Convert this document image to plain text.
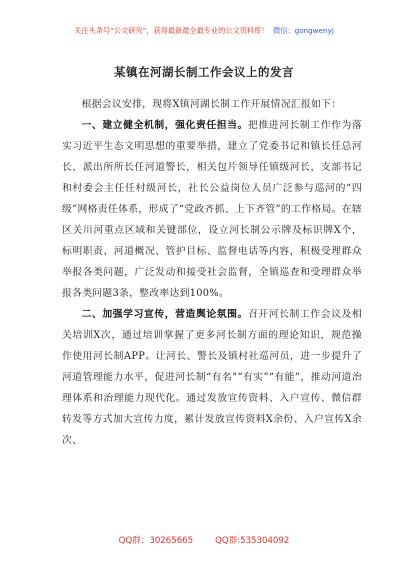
关注头条号“公文研究”，获得最新最全最专业的公文资料库！ 微信：gongwenyj
某镇在河湖长制工作会议上的发言

根据会议安排，现将X镇河湖长制工作开展情况汇报如下：

一、建立健全机制，强化责任担当。把推进河长制工作作为落实习近平生态文明思想的重要举措，建立了党委书记和镇长任总河长，派出所所长任河道警长，相关包片领导任镇级河长，支部书记和村委会主任任村级河长，社长公益岗位人员广泛参与巡河的“四级”网格责任体系，形成了“党政齐抓、上下齐管”的工作格局。在辖区关川河重点区域和关键部位，设立河长制公示牌及标识牌X个，标明职责、河道概况、管护目标、监督电话等内容，积极受理群众举报各类问题，广泛发动和接受社会监督，全镇巡查和受理群众举报各类问题3条，整改率达到100%。

二、加强学习宣传，营造舆论氛围。召开河长制工作会议及相关培训X次，通过培训掌握了更多河长制方面的理论知识，规范操作使用河长制APP。让河长、警长及镇村社巡河员，进一步提升了河道管理能力水平，促进河长制“有名”“有实”“有能”，推动河道治理体系和治理能力现代化。通过发放宣传资料、入户宣传、微信群转发等方式加大宣传力度，累计发放宣传资料X余份、入户宣传X余次、

QQ群：30265665	QQ群:535304092
